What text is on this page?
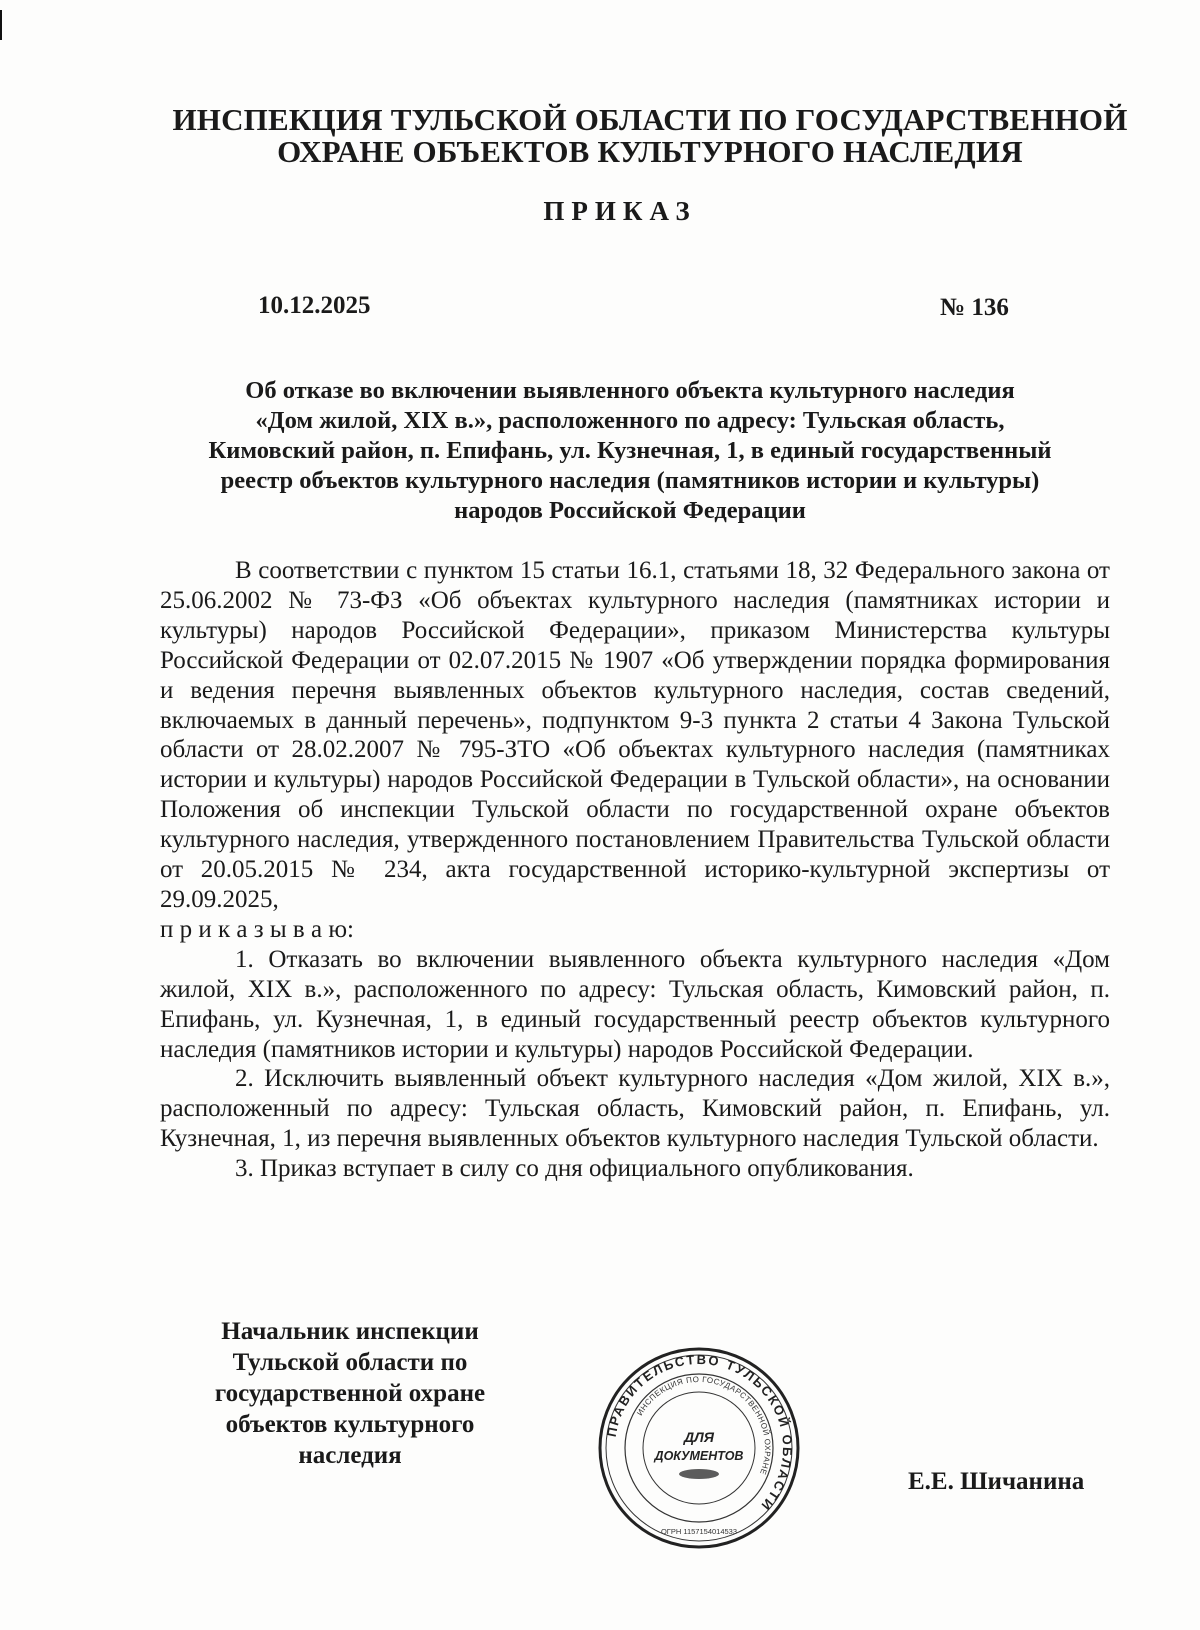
ИНСПЕКЦИЯ ТУЛЬСКОЙ ОБЛАСТИ ПО ГОСУДАРСТВЕННОЙ
ОХРАНЕ ОБЪЕКТОВ КУЛЬТУРНОГО НАСЛЕДИЯ
ПРИКАЗ
10.12.2025	№ 136
Об отказе во включении выявленного объекта культурного наследия
«Дом жилой, XIX в.», расположенного по адресу: Тульская область,
Кимовский район, п. Епифань, ул. Кузнечная, 1, в единый государственный
реестр объектов культурного наследия (памятников истории и культуры)
народов Российской Федерации

В соответствии с пунктом 15 статьи 16.1, статьями 18, 32 Федерального закона от 25.06.2002 № 73-ФЗ «Об объектах культурного наследия (памятниках истории и культуры) народов Российской Федерации», приказом Министерства культуры Российской Федерации от 02.07.2015 № 1907 «Об утверждении порядка формирования и ведения перечня выявленных объектов культурного наследия, состав сведений, включаемых в данный перечень», подпунктом 9-3 пункта 2 статьи 4 Закона Тульской области от 28.02.2007 № 795-ЗТО «Об объектах культурного наследия (памятниках истории и культуры) народов Российской Федерации в Тульской области», на основании Положения об инспекции Тульской области по государственной охране объектов культурного наследия, утвержденного постановлением Правительства Тульской области от 20.05.2015 № 234, акта государственной историко-культурной экспертизы от 29.09.2025,

п р и к а з ы в а ю:

1. Отказать во включении выявленного объекта культурного наследия «Дом жилой, XIX в.», расположенного по адресу: Тульская область, Кимовский район, п. Епифань, ул. Кузнечная, 1, в единый государственный реестр объектов культурного наследия (памятников истории и культуры) народов Российской Федерации.

2. Исключить выявленный объект культурного наследия «Дом жилой, XIX в.», расположенный по адресу: Тульская область, Кимовский район, п. Епифань, ул. Кузнечная, 1, из перечня выявленных объектов культурного наследия Тульской области.

3. Приказ вступает в силу со дня официального опубликования.

Начальник инспекции
Тульской области по
государственной охране
объектов культурного
наследия
ПРАВИТЕЛЬСТВО ТУЛЬСКОЙ ОБЛАСТИ
ИНСПЕКЦИЯ ПО ГОСУДАРСТВЕННОЙ ОХРАНЕ
ДЛЯ
ДОКУМЕНТОВ
ОГРН 1157154014533
Е.Е. Шичанина
